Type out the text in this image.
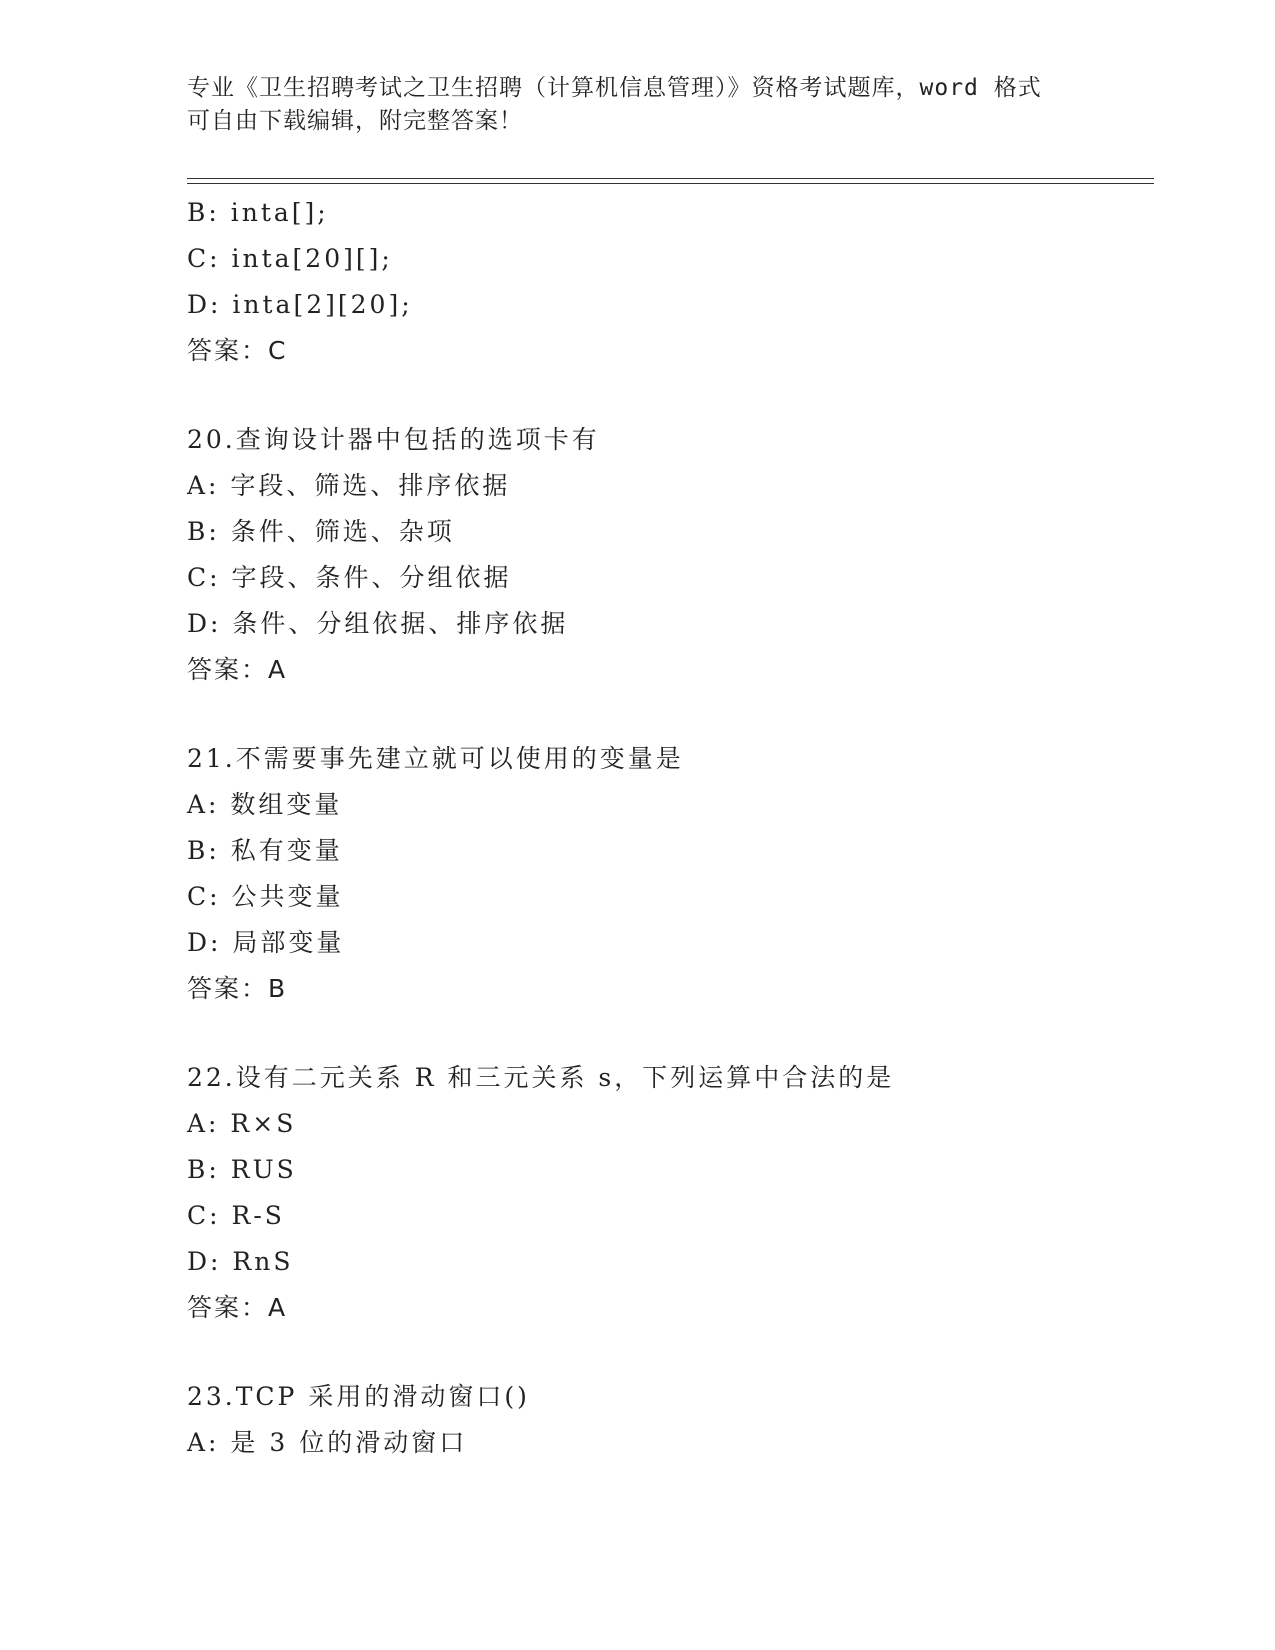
专业《卫生招聘考试之卫生招聘（计算机信息管理）》资格考试题库，word 格式
可自由下载编辑，附完整答案！
B: inta[];
C: inta[20][];
D: inta[2][20];
答案：C
20.查询设计器中包括的选项卡有
A: 字段、筛选、排序依据
B: 条件、筛选、杂项
C: 字段、条件、分组依据
D: 条件、分组依据、排序依据
答案：A
21.不需要事先建立就可以使用的变量是
A: 数组变量
B: 私有变量
C: 公共变量
D: 局部变量
答案：B
22.设有二元关系 R 和三元关系 s，下列运算中合法的是
A: R×S
B: RUS
C: R-S
D: RnS
答案：A
23.TCP 采用的滑动窗口()
A: 是 3 位的滑动窗口
